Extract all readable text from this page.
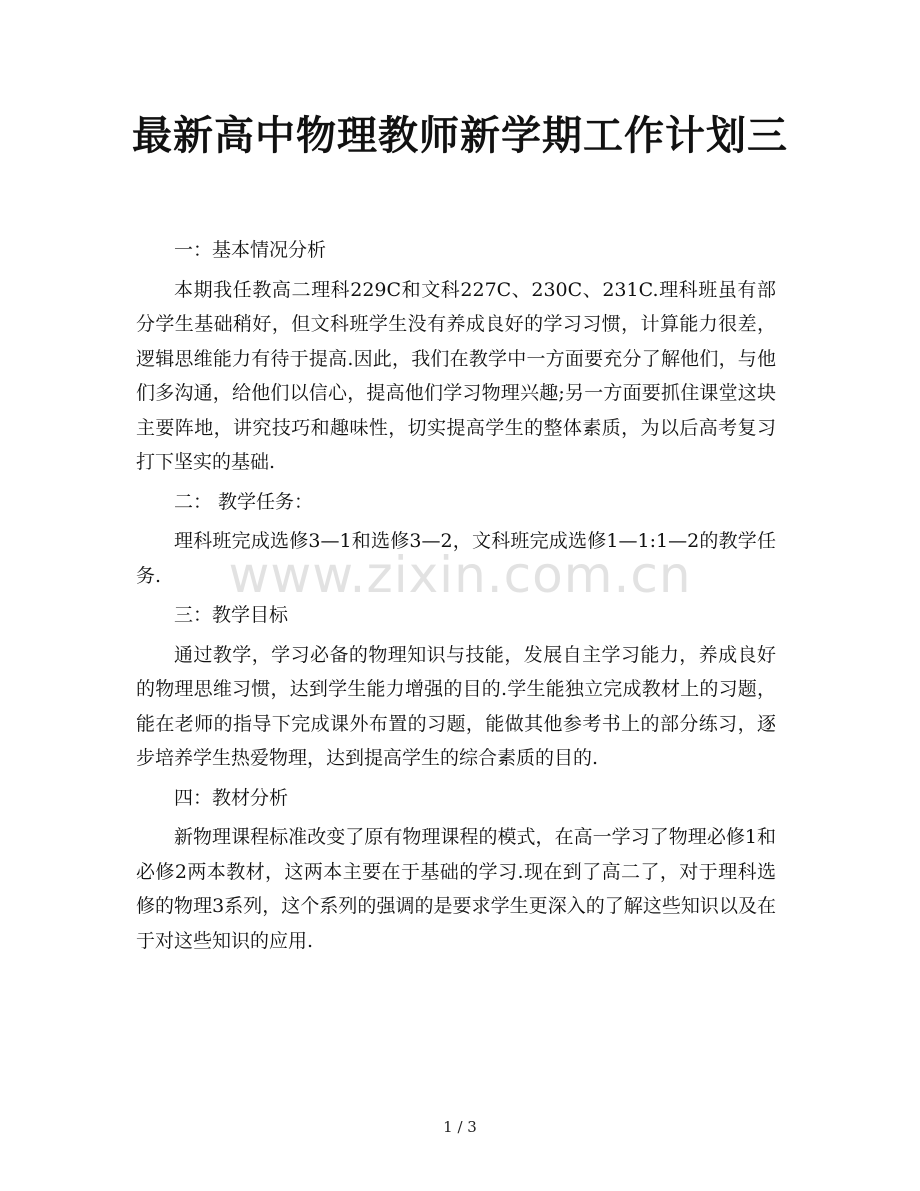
最新高中物理教师新学期工作计划三

一：基本情况分析

本期我任教高二理科229C和文科227C、230C、231C.理科班虽有部分学生基础稍好，但文科班学生没有养成良好的学习习惯，计算能力很差，逻辑思维能力有待于提高.因此，我们在教学中一方面要充分了解他们，与他们多沟通，给他们以信心，提高他们学习物理兴趣;另一方面要抓住课堂这块主要阵地，讲究技巧和趣味性，切实提高学生的整体素质，为以后高考复习打下坚实的基础.

二： 教学任务：

理科班完成选修3—1和选修3—2，文科班完成选修1—1:1—2的教学任务.

三：教学目标

通过教学，学习必备的物理知识与技能，发展自主学习能力，养成良好的物理思维习惯，达到学生能力增强的目的.学生能独立完成教材上的习题，能在老师的指导下完成课外布置的习题，能做其他参考书上的部分练习，逐步培养学生热爱物理，达到提高学生的综合素质的目的.

四：教材分析

新物理课程标准改变了原有物理课程的模式，在高一学习了物理必修1和必修2两本教材，这两本主要在于基础的学习.现在到了高二了，对于理科选修的物理3系列，这个系列的强调的是要求学生更深入的了解这些知识以及在于对这些知识的应用.

www.zixin.com.cn
1 / 3
